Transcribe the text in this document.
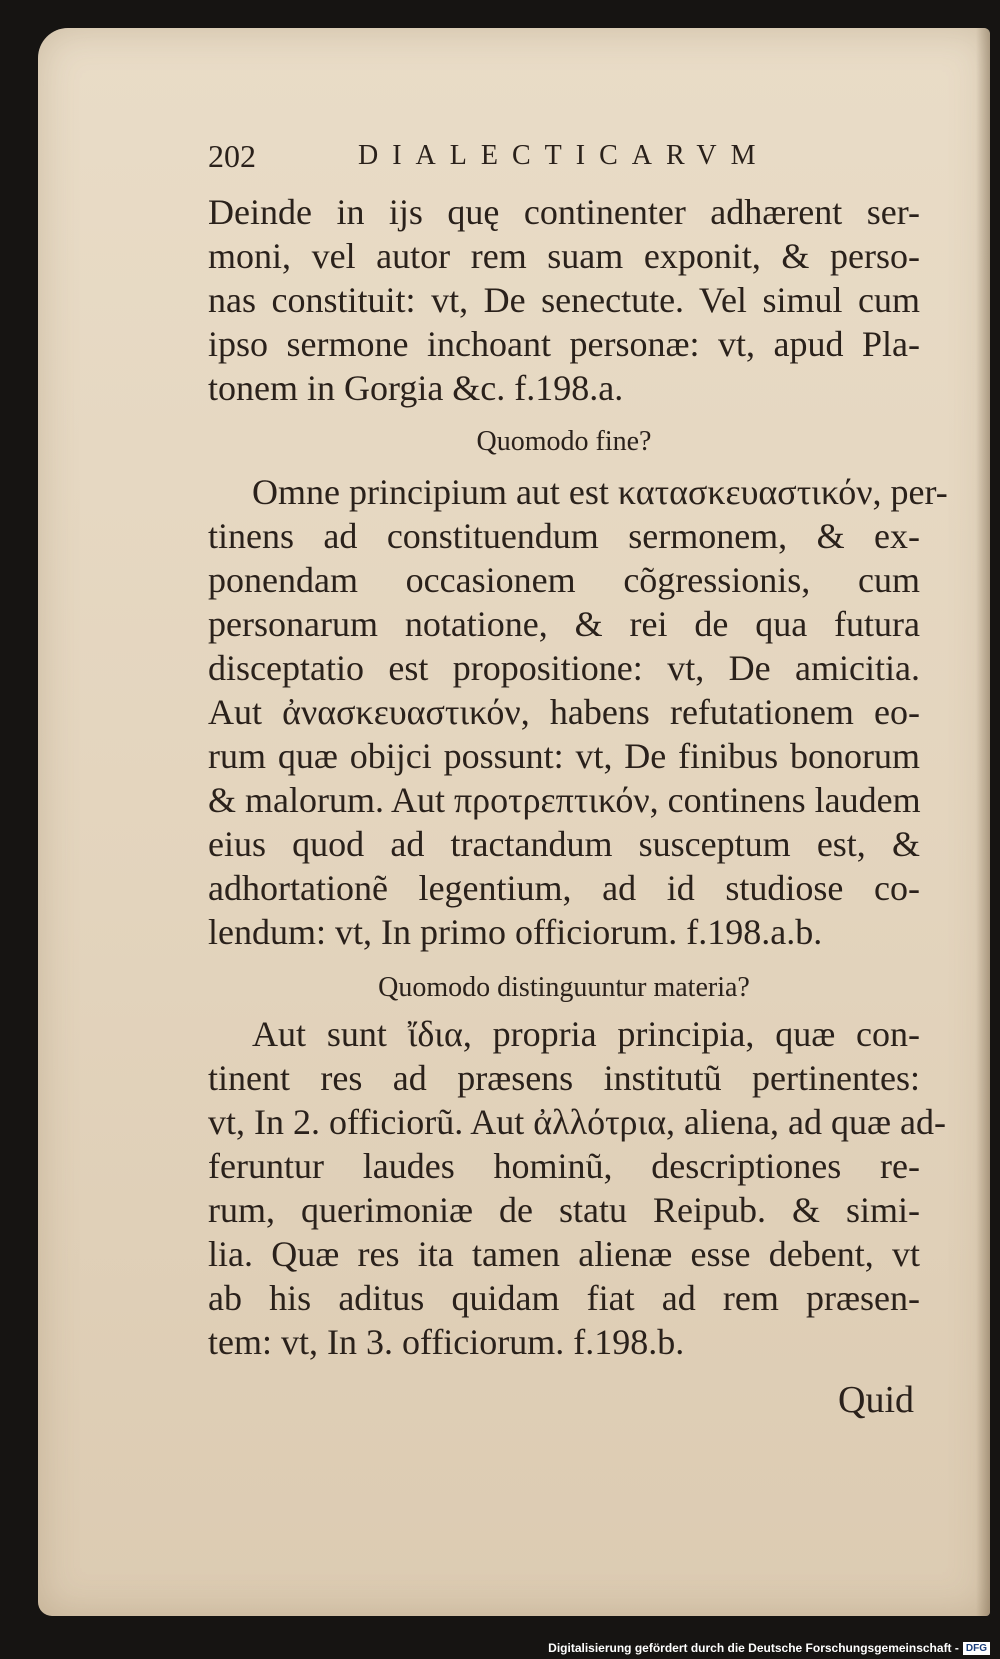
202	DIALECTICARVM
Deinde in ijs quę continenter adhærent ser-
moni, vel autor rem suam exponit, & perso-
nas constituit: vt, De senectute. Vel simul cum
ipso sermone inchoant personæ: vt, apud Pla-
tonem in Gorgia &c. f.198.a.
Quomodo fine?
Omne principium aut est κατασκευαστικόν, per-
tinens ad constituendum sermonem, & ex-
ponendam occasionem cõgressionis, cum
personarum notatione, & rei de qua futura
disceptatio est propositione: vt, De amicitia.
Aut ἀνασκευαστικόν, habens refutationem eo-
rum quæ obijci possunt: vt, De finibus bonorum
& malorum. Aut προτρεπτικόν, continens laudem
eius quod ad tractandum susceptum est, &
adhortationẽ legentium, ad id studiose co-
lendum: vt, In primo officiorum. f.198.a.b.
Quomodo distinguuntur materia?
Aut sunt ἴδια, propria principia, quæ con-
tinent res ad præsens institutũ pertinentes:
vt, In 2. officiorũ. Aut ἀλλότρια, aliena, ad quæ ad-
feruntur laudes hominũ, descriptiones re-
rum, querimoniæ de statu Reipub. & simi-
lia. Quæ res ita tamen alienæ esse debent, vt
ab his aditus quidam fiat ad rem præsen-
tem: vt, In 3. officiorum. f.198.b.
Quid
Digitalisierung gefördert durch die Deutsche Forschungsgemeinschaft - DFG
